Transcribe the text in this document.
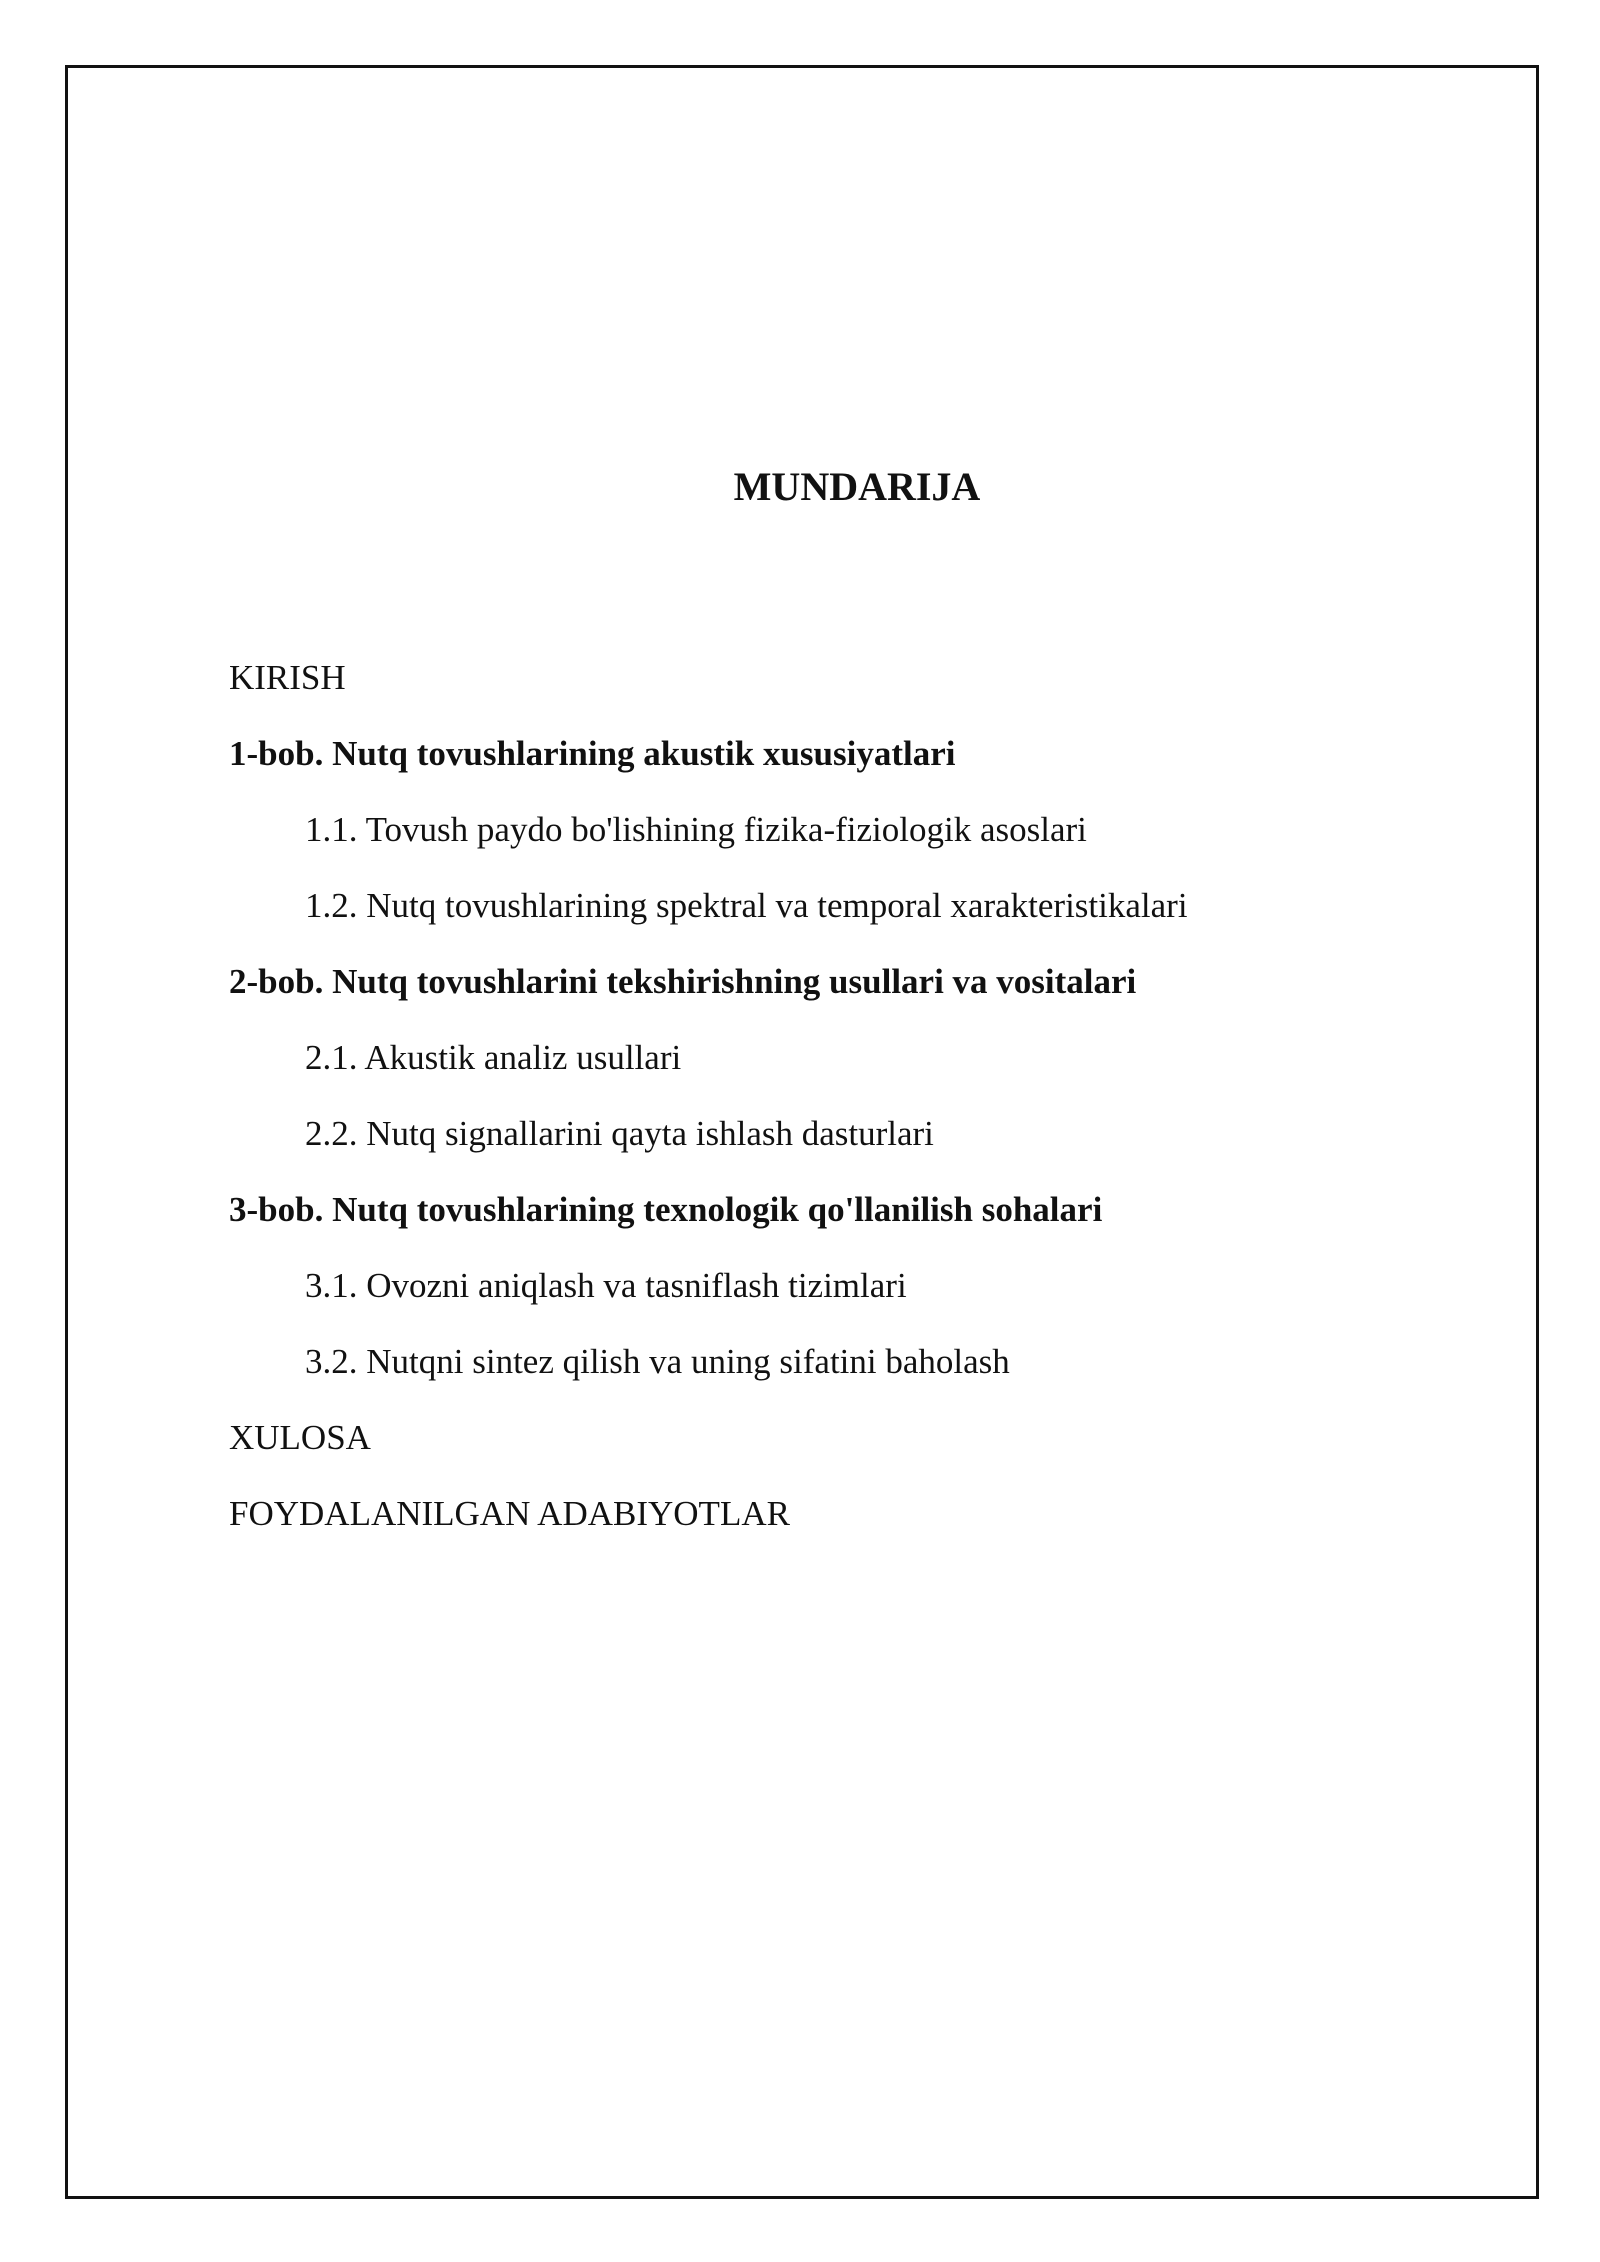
MUNDARIJA
KIRISH
1-bob. Nutq tovushlarining akustik xususiyatlari
1.1. Tovush paydo bo'lishining fizika-fiziologik asoslari
1.2. Nutq tovushlarining spektral va temporal xarakteristikalari
2-bob. Nutq tovushlarini tekshirishning usullari va vositalari
2.1. Akustik analiz usullari
2.2. Nutq signallarini qayta ishlash dasturlari
3-bob. Nutq tovushlarining texnologik qo'llanilish sohalari
3.1. Ovozni aniqlash va tasniflash tizimlari
3.2. Nutqni sintez qilish va uning sifatini baholash
XULOSA
FOYDALANILGAN ADABIYOTLAR
